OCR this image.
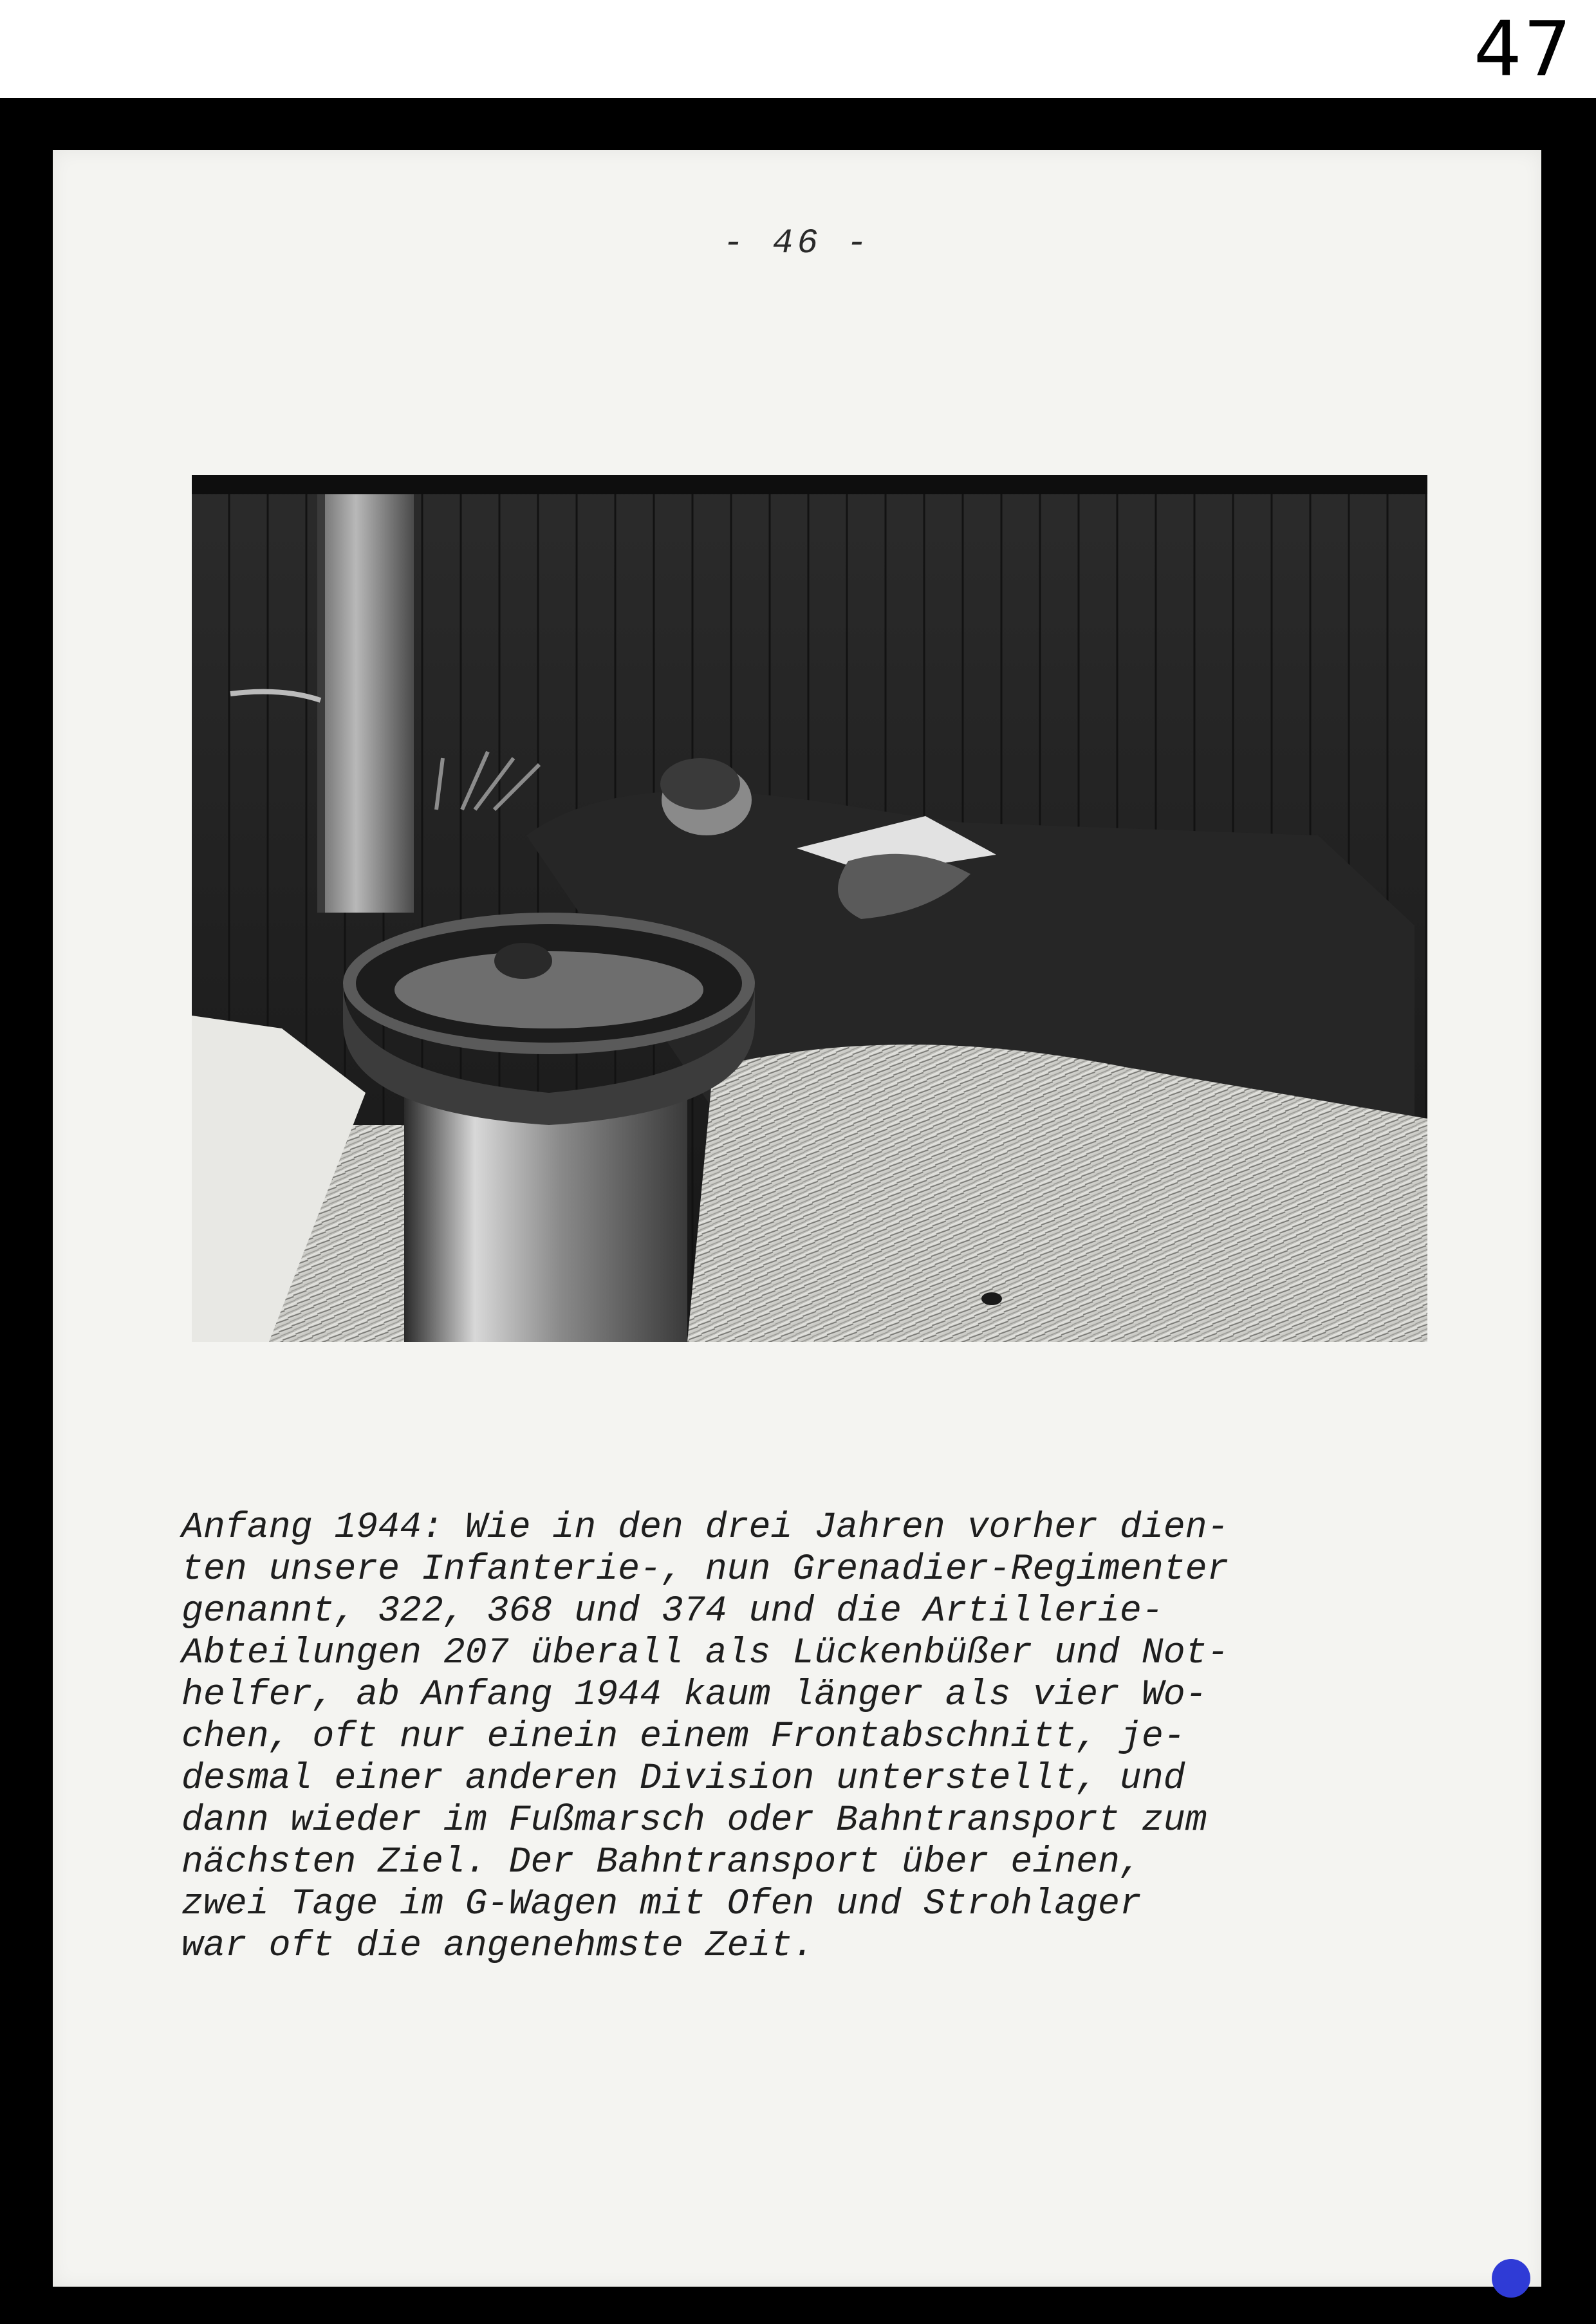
47
- 46 -
Anfang 1944: Wie in den drei Jahren vorher dien-
ten unsere Infanterie-, nun Grenadier-Regimenter
genannt, 322, 368 und 374 und die Artillerie-
Abteilungen 207 überall als Lückenbüßer und Not-
helfer, ab Anfang 1944 kaum länger als vier Wo-
chen, oft nur einein einem Frontabschnitt, je-
desmal einer anderen Division unterstellt, und
dann wieder im Fußmarsch oder Bahntransport zum
nächsten Ziel. Der Bahntransport über einen,
zwei Tage im G-Wagen mit Ofen und Strohlager
war oft die angenehmste Zeit.
